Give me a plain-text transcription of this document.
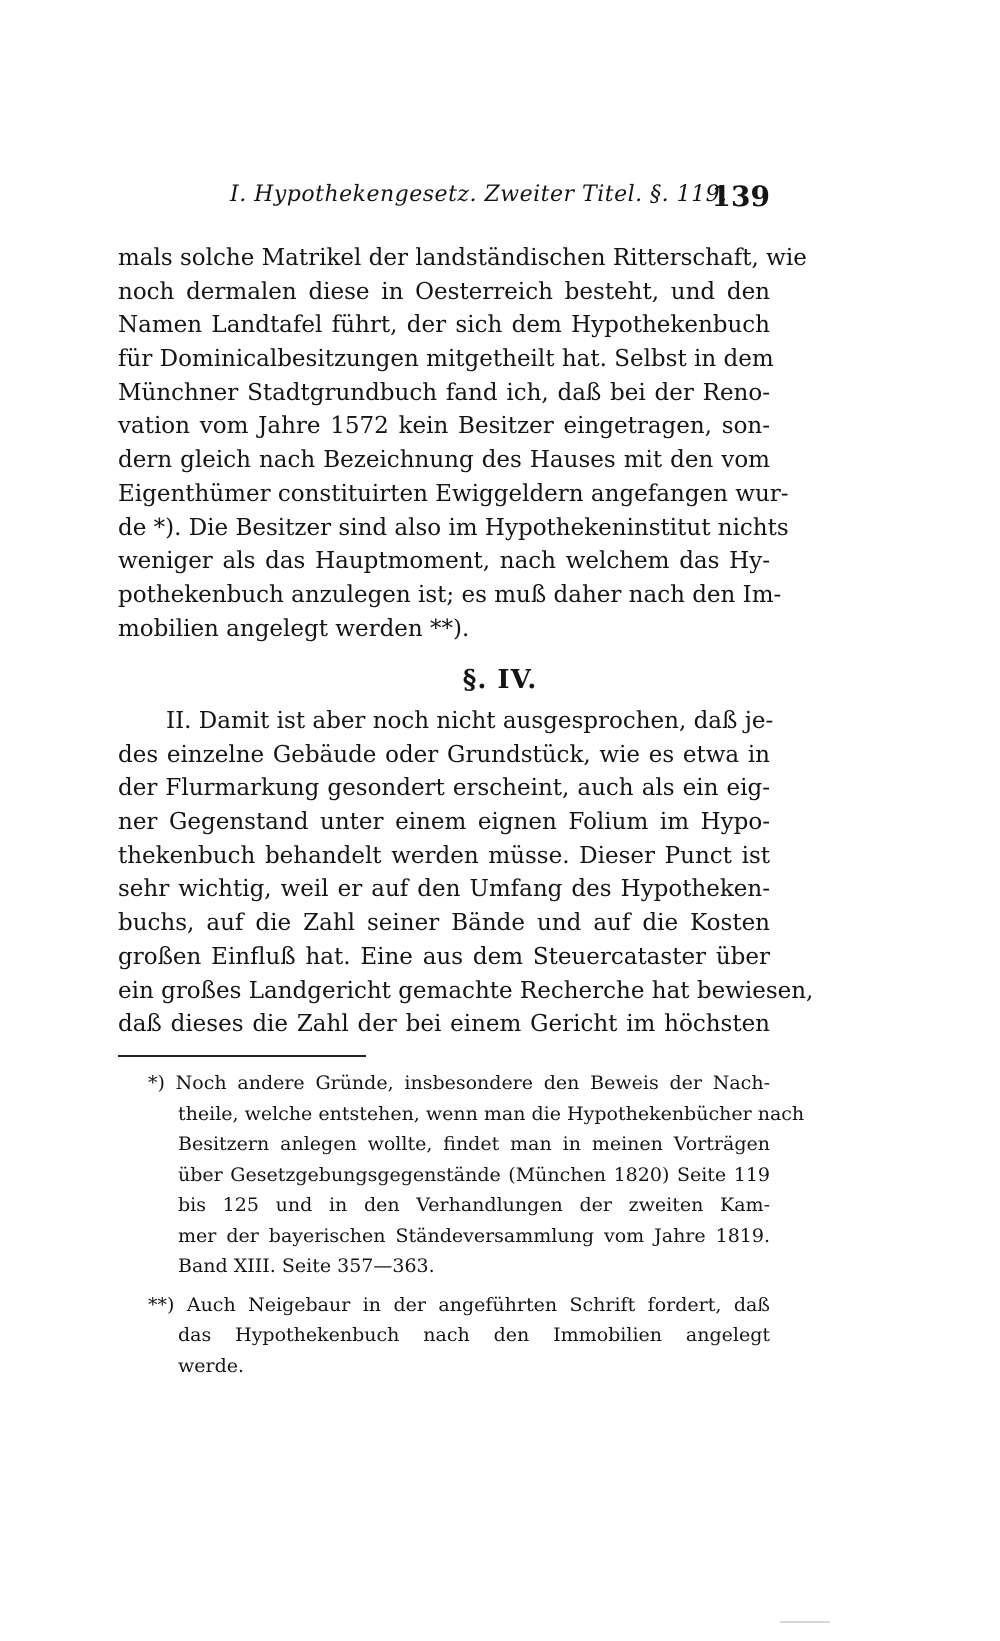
I. Hypothekengesetz. Zweiter Titel. §. 119.
139
mals solche Matrikel der landständischen Ritterschaft, wie
noch dermalen diese in Oesterreich besteht, und den
Namen Landtafel führt, der sich dem Hypothekenbuch
für Dominicalbesitzungen mitgetheilt hat. Selbst in dem
Münchner Stadtgrundbuch fand ich, daß bei der Reno-
vation vom Jahre 1572 kein Besitzer eingetragen, son-
dern gleich nach Bezeichnung des Hauses mit den vom
Eigenthümer constituirten Ewiggeldern angefangen wur-
de *). Die Besitzer sind also im Hypothekeninstitut nichts
weniger als das Hauptmoment, nach welchem das Hy-
pothekenbuch anzulegen ist; es muß daher nach den Im-
mobilien angelegt werden **).
§. IV.
II. Damit ist aber noch nicht ausgesprochen, daß je-
des einzelne Gebäude oder Grundstück, wie es etwa in
der Flurmarkung gesondert erscheint, auch als ein eig-
ner Gegenstand unter einem eignen Folium im Hypo-
thekenbuch behandelt werden müsse. Dieser Punct ist
sehr wichtig, weil er auf den Umfang des Hypotheken-
buchs, auf die Zahl seiner Bände und auf die Kosten
großen Einfluß hat. Eine aus dem Steuercataster über
ein großes Landgericht gemachte Recherche hat bewiesen,
daß dieses die Zahl der bei einem Gericht im höchsten
*) Noch andere Gründe, insbesondere den Beweis der Nach-
theile, welche entstehen, wenn man die Hypothekenbücher nach
Besitzern anlegen wollte, findet man in meinen Vorträgen
über Gesetzgebungsgegenstände (München 1820) Seite 119
bis 125 und in den Verhandlungen der zweiten Kam-
mer der bayerischen Ständeversammlung vom Jahre 1819.
Band XIII. Seite 357—363.
**) Auch Neigebaur in der angeführten Schrift fordert, daß
das Hypothekenbuch nach den Immobilien angelegt
werde.
